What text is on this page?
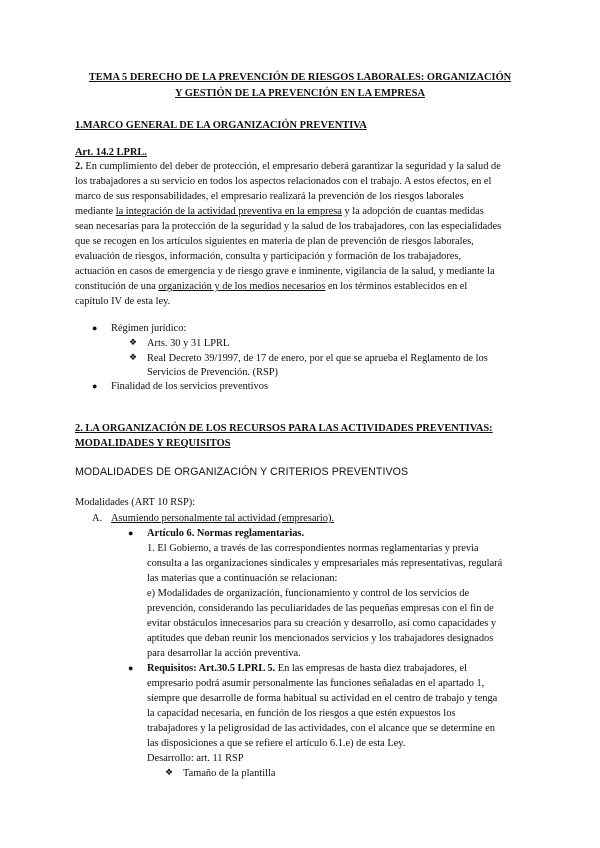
TEMA 5 DERECHO DE LA PREVENCIÓN DE RIESGOS LABORALES: ORGANIZACIÓN
Y GESTIÓN DE LA PREVENCIÓN EN LA EMPRESA
1.MARCO GENERAL DE LA ORGANIZACIÓN PREVENTIVA
Art. 14.2 LPRL.
2. En cumplimiento del deber de protección, el empresario deberá garantizar la seguridad y la salud de
los trabajadores a su servicio en todos los aspectos relacionados con el trabajo. A estos efectos, en el
marco de sus responsabilidades, el empresario realizará la prevención de los riesgos laborales
mediante la integración de la actividad preventiva en la empresa y la adopción de cuantas medidas
sean necesarias para la protección de la seguridad y la salud de los trabajadores, con las especialidades
que se recogen en los artículos siguientes en materia de plan de prevención de riesgos laborales,
evaluación de riesgos, información, consulta y participación y formación de los trabajadores,
actuación en casos de emergencia y de riesgo grave e inminente, vigilancia de la salud, y mediante la
constitución de una organización y de los medios necesarios en los términos establecidos en el
capítulo IV de esta ley.
● Régimen jurídico:
❖ Arts. 30 y 31 LPRL
❖ Real Decreto 39/1997, de 17 de enero, por el que se aprueba el Reglamento de los
Servicios de Prevención. (RSP)
● Finalidad de los servicios preventivos
2. LA ORGANIZACIÓN DE LOS RECURSOS PARA LAS ACTIVIDADES PREVENTIVAS:
MODALIDADES Y REQUISITOS
MODALIDADES DE ORGANIZACIÓN Y CRITERIOS PREVENTIVOS
Modalidades (ART 10 RSP):
A. Asumiendo personalmente tal actividad (empresario).
● Artículo 6. Normas reglamentarias.
1. El Gobierno, a través de las correspondientes normas reglamentarias y previa
consulta a las organizaciones sindicales y empresariales más representativas, regulará
las materias que a continuación se relacionan:
e) Modalidades de organización, funcionamiento y control de los servicios de
prevención, considerando las peculiaridades de las pequeñas empresas con el fin de
evitar obstáculos innecesarios para su creación y desarrollo, así como capacidades y
aptitudes que deban reunir los mencionados servicios y los trabajadores designados
para desarrollar la acción preventiva.
● Requisitos: Art.30.5 LPRL 5. En las empresas de hasta diez trabajadores, el
empresario podrá asumir personalmente las funciones señaladas en el apartado 1,
siempre que desarrolle de forma habitual su actividad en el centro de trabajo y tenga
la capacidad necesaria, en función de los riesgos a que estén expuestos los
trabajadores y la peligrosidad de las actividades, con el alcance que se determine en
las disposiciones a que se refiere el artículo 6.1.e) de esta Ley.
Desarrollo: art. 11 RSP
❖ Tamaño de la plantilla
